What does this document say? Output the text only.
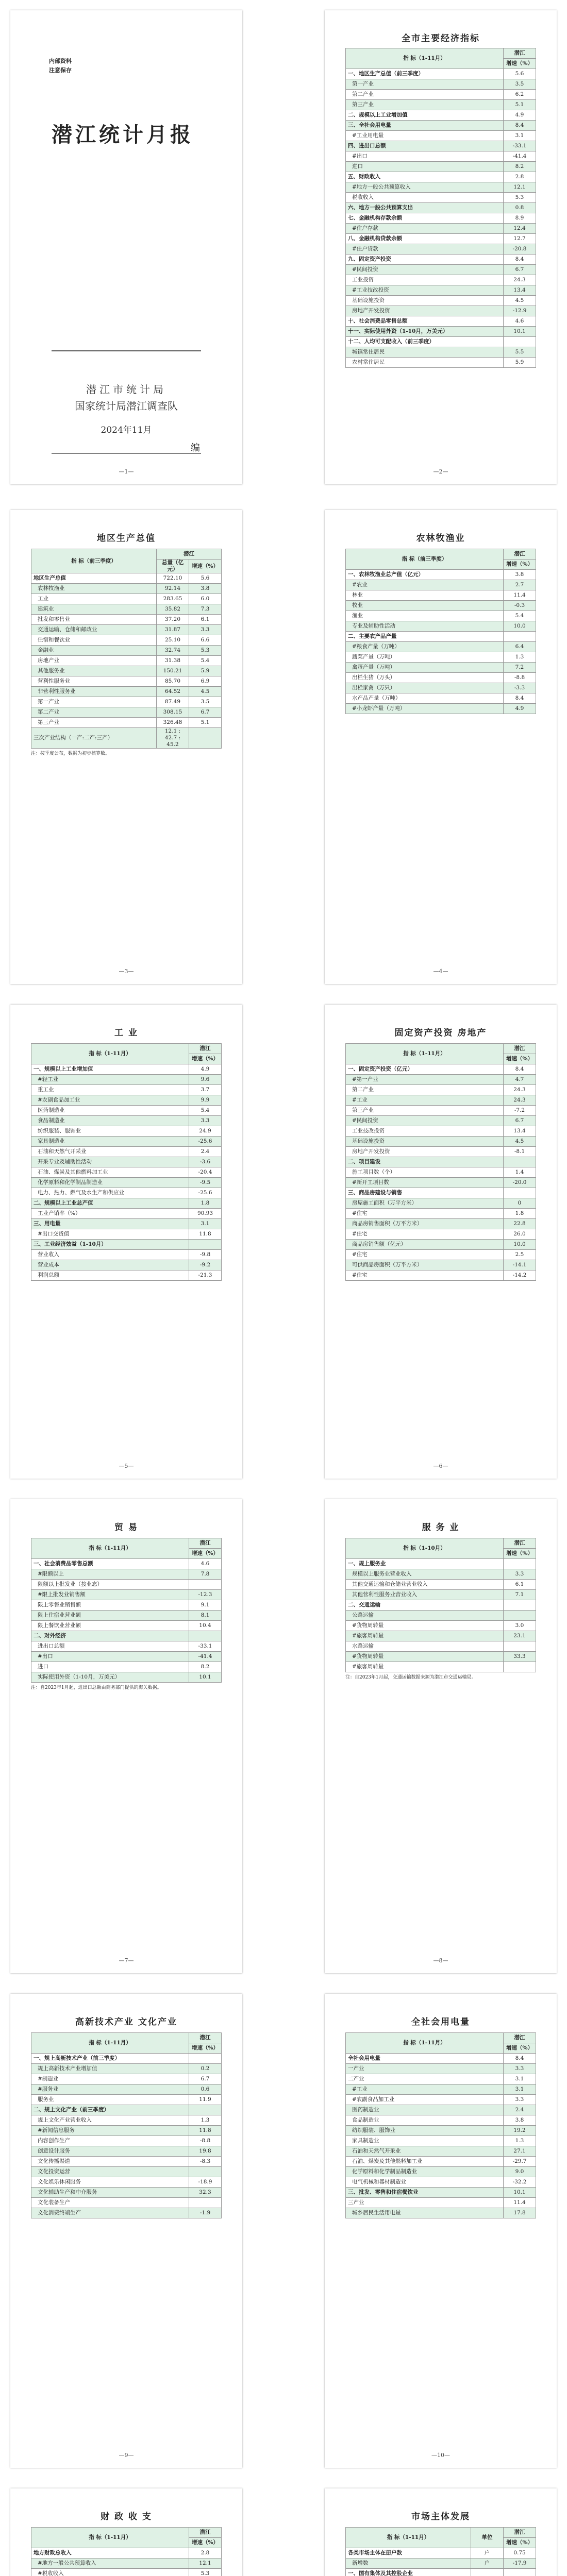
内部资料
注意保存
潜江统计月报
潜江市统计局
国家统计局潜江调查队
编
2024年11月
—1—
全市主要经济指标
指 标（1-11月）	潜江
	增速（%）
一、地区生产总值（前三季度）	5.6
第一产业	3.5
第二产业	6.2
第三产业	5.1
二、规模以上工业增加值	4.9
三、全社会用电量	8.4
#工业用电量	3.1
四、进出口总额	-33.1
#出口	-41.4
进口	8.2
五、财政收入	2.8
#地方一般公共预算收入	12.1
税收收入	5.3
六、地方一般公共预算支出	0.8
七、金融机构存款余额	8.9
#住户存款	12.4
八、金融机构贷款余额	12.7
#住户贷款	-20.8
九、固定资产投资	8.4
#民间投资	6.7
工业投资	24.3
#工业技改投资	13.4
基础设施投资	4.5
房地产开发投资	-12.9
十、社会消费品零售总额	4.6
十一、实际使用外资（1-10月，万美元）	10.1
十二、人均可支配收入（前三季度）	
城镇常住居民	5.5
农村常住居民	5.9
—2—
地区生产总值
指 标（前三季度）	潜江	
	总量（亿元）	增速（%）
地区生产总值	722.10	5.6
农林牧渔业	92.14	3.8
工业	283.65	6.0
建筑业	35.82	7.3
批发和零售业	37.20	6.1
交通运输、仓储和邮政业	31.87	3.3
住宿和餐饮业	25.10	6.6
金融业	32.74	5.3
房地产业	31.38	5.4
其他服务业	150.21	5.9
营利性服务业	85.70	6.9
非营利性服务业	64.52	4.5
第一产业	87.49	3.5
第二产业	308.15	6.7
第三产业	326.48	5.1
三次产业结构（一产:二产:三产）	12.1 : 42.7 : 45.2	
注：按季度公布，数据为初步核算数。
—3—
农林牧渔业
指 标（前三季度）	潜江
	增速（%）
一、农林牧渔业总产值（亿元）	3.8
#农业	2.7
林业	11.4
牧业	-0.3
渔业	5.4
专业及辅助性活动	10.0
二、主要农产品产量	
#粮食产量（万吨）	6.4
蔬菜产量（万吨）	1.3
禽蛋产量（万吨）	7.2
出栏生猪（万头）	-8.8
出栏家禽（万只）	-3.3
水产品产量（万吨）	8.4
#小龙虾产量（万吨）	4.9
—4—
工 业
指 标（1-11月）	潜江
	增速（%）
一、规模以上工业增加值	4.9
#轻工业	9.6
重工业	3.7
#农副食品加工业	9.9
医药制造业	5.4
食品制造业	3.3
纺织服装、服饰业	24.9
家具制造业	-25.6
石油和天然气开采业	2.4
开采专业及辅助性活动	-3.6
石油、煤炭及其他燃料加工业	-20.4
化学原料和化学制品制造业	-9.5
电力、热力、燃气及水生产和供应业	-25.6
二、规模以上工业总产值	1.8
工业产销率（%）	90.93
三、用电量	3.1
#出口交货值	11.8
三、工业经济效益（1-10月）	
营业收入	-9.8
营业成本	-9.2
利润总额	-21.3
—5—
固定资产投资 房地产
指 标（1-11月）	潜江
	增速（%）
一、固定资产投资（亿元）	8.4
#第一产业	4.7
第二产业	24.3
#工业	24.3
第三产业	-7.2
#民间投资	6.7
工业技改投资	13.4
基础设施投资	4.5
房地产开发投资	-8.1
二、项目建设	
施工项目数（个）	1.4
#新开工项目数	-20.0
三、商品房建设与销售	
房屋施工面积（万平方米）	0
#住宅	1.8
商品房销售面积（万平方米）	22.8
#住宅	26.0
商品房销售额（亿元）	10.0
#住宅	2.5
可供商品房面积（万平方米）	-14.1
#住宅	-14.2
—6—
贸 易
指 标（1-11月）	潜江
	增速（%）
一、社会消费品零售总额	4.6
#限额以上	7.8
限额以上批发业（按业态）	
#限上批发业销售额	-12.3
限上零售业销售额	9.1
限上住宿业营业额	8.1
限上餐饮业营业额	10.4
二、对外经济	
进出口总额	-33.1
#出口	-41.4
进口	8.2
实际使用外资（1-10月，万美元）	10.1
注：自2023年1月起，进出口总额由商务部门提供的海关数据。
—7—
服 务 业
指 标（1-10月）	潜江
	增速（%）
一、规上服务业	
规模以上服务业营业收入	3.3
其他交通运输和仓储业营业收入	6.1
其他营利性服务业营业收入	7.1
二、交通运输	
公路运输	
#货物周转量	3.0
#旅客周转量	23.1
水路运输	
#货物周转量	33.3
#旅客周转量	
注：自2023年1月起，交通运输数据来源为潜江市交通运输局。
—8—
高新技术产业 文化产业
指 标（1-11月）	潜江
	增速（%）
一、规上高新技术产业（前三季度）	
规上高新技术产业增加值	0.2
#制造业	6.7
#服务业	0.6
服务业	11.9
二、规上文化产业（前三季度）	
规上文化产业营业收入	1.3
#新闻信息服务	11.8
内容创作生产	-8.8
创意设计服务	19.8
文化传播渠道	-8.3
文化投资运营	
文化娱乐休闲服务	-18.9
文化辅助生产和中介服务	32.3
文化装备生产	
文化消费终端生产	-1.9
—9—
全社会用电量
指 标（1-11月）	潜江
	增速（%）
全社会用电量	8.4
一产业	3.3
二产业	3.1
#工业	3.1
#农副食品加工业	3.3
医药制造业	2.4
食品制造业	3.8
纺织服装、服饰业	19.2
家具制造业	1.3
石油和天然气开采业	27.1
石油、煤炭及其他燃料加工业	-29.7
化学原料和化学制品制造业	9.0
电气机械和器材制造业	-32.2
三、批发、零售和住宿餐饮业	10.1
三产业	11.4
城乡居民生活用电量	17.8
—10—
财 政 收 支
指 标（1-11月）	潜江
	增速（%）
地方财政总收入	2.8
#地方一般公共预算收入	12.1
#税收收入	5.3

市场主体发展
指 标（1-11月）	单位	潜江
		增速（%）
各类市场主体在册户数	户	0.75
新增数	户	-17.9
一、国有集体及其控股企业		
